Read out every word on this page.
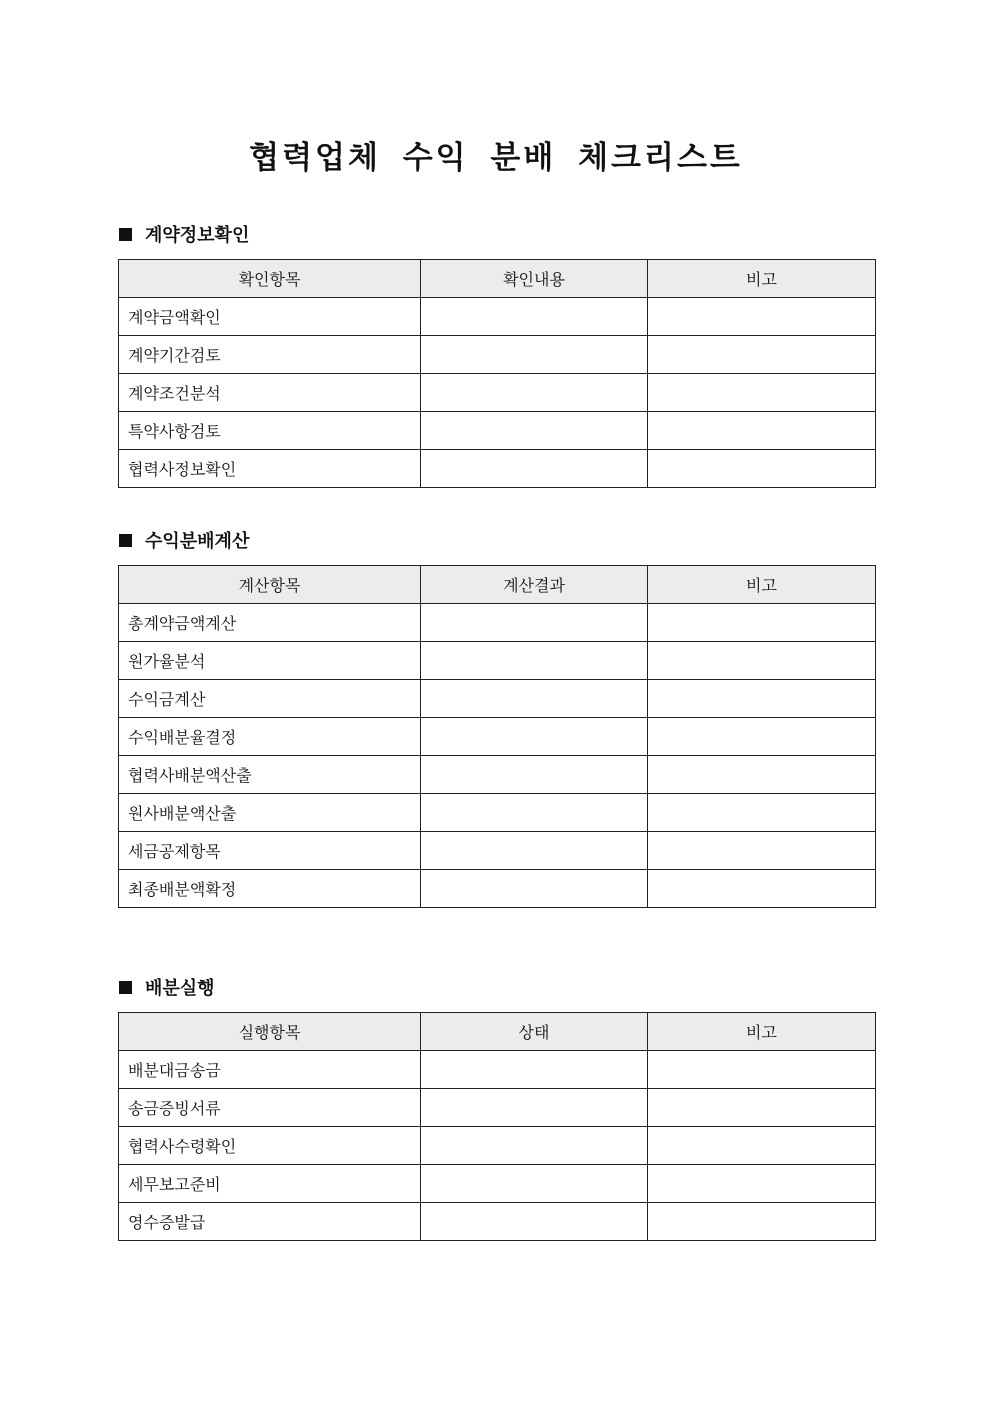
협력업체 수익 분배 체크리스트
계약정보확인
확인항목	확인내용	비고
계약금액확인		
계약기간검토		
계약조건분석		
특약사항검토		
협력사정보확인		
수익분배계산
계산항목	계산결과	비고
총계약금액계산		
원가율분석		
수익금계산		
수익배분율결정		
협력사배분액산출		
원사배분액산출		
세금공제항목		
최종배분액확정		
배분실행
실행항목	상태	비고
배분대금송금		
송금증빙서류		
협력사수령확인		
세무보고준비		
영수증발급		
